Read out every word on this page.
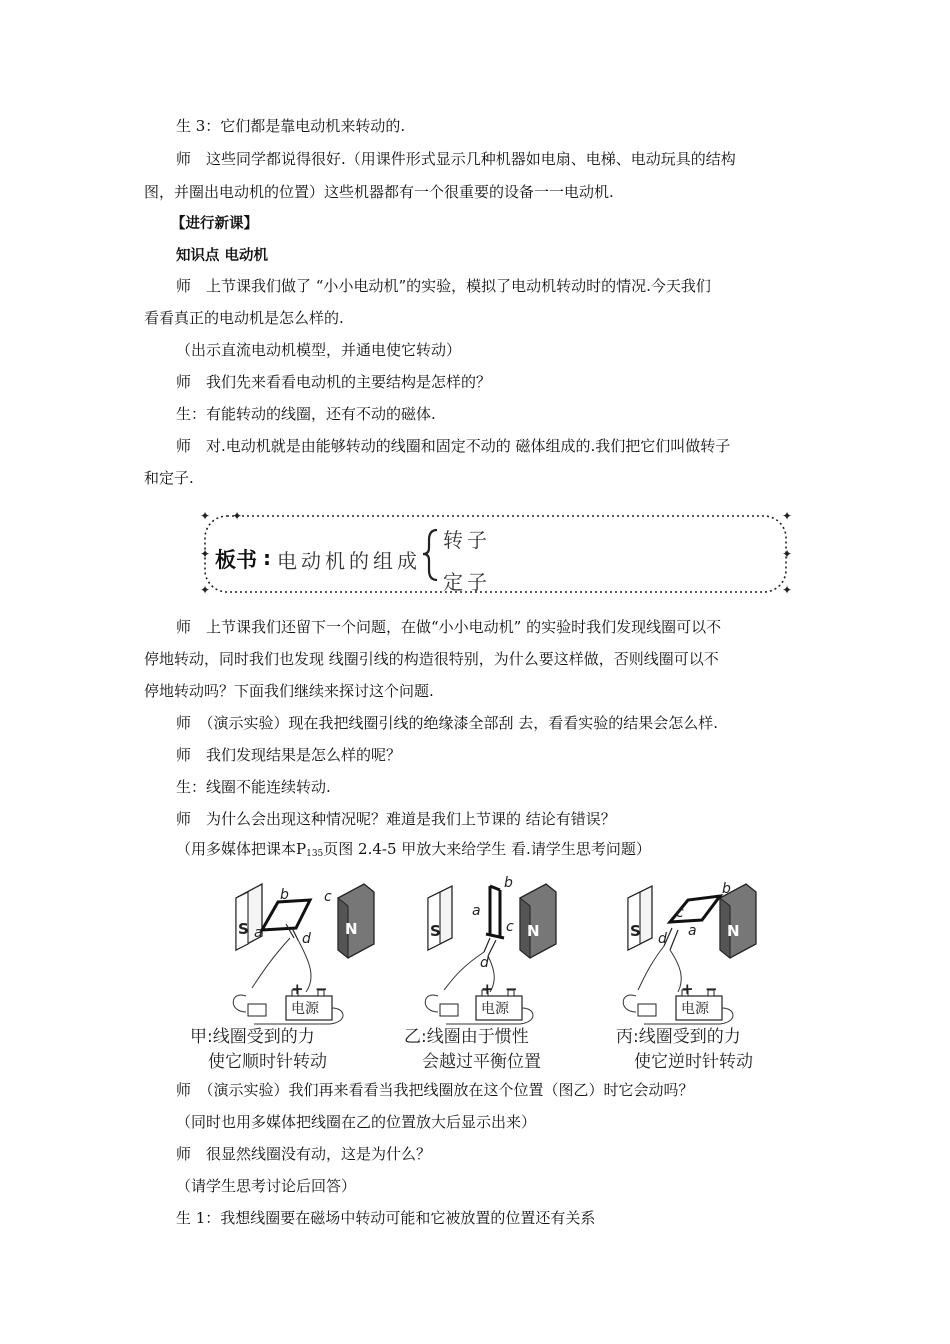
生 3：它们都是靠电动机来转动的.
师　这些同学都说得很好.（用课件形式显示几种机器如电扇、电梯、电动玩具的结构
图，并圈出电动机的位置）这些机器都有一个很重要的设备一一电动机.
【进行新课】
知识点 电动机
师　上节课我们做了 “小小电动机”的实验，模拟了电动机转动时的情况.今天我们
看看真正的电动机是怎么样的.
（出示直流电动机模型，并通电使它转动）
师　我们先来看看电动机的主要结构是怎样的？
生：有能转动的线圈，还有不动的磁体.
师　对.电动机就是由能够转动的线圈和固定不动的 磁体组成的.我们把它们叫做转子
和定子.
✦ ✦	✦
✦	✦
✦	✦
板书 : 电动机的组成
转子
定子
师　上节课我们还留下一个问题，在做“小小电动机” 的实验时我们发现线圈可以不
停地转动，同时我们也发现 线圈引线的构造很特别，为什么要这样做，否则线圈可以不
停地转动吗？下面我们继续来探讨这个问题.
师　（演示实验）现在我把线圈引线的绝缘漆全部刮 去，看看实验的结果会怎么样.
师　我们发现结果是怎么样的呢？
生：线圈不能连续转动.
师　为什么会出现这种情况呢？难道是我们上节课的 结论有错误？
（用多媒体把课本$P_{135}$页图 2.4-5 甲放大来给学生 看.请学生思考问题）
S	N
a
b	c
d
+ −
电源
S	N
a
b
c
d
+ −
电源
S	N
a
b
c
d
+ −
电源
甲:线圈受到的力
使它顺时针转动
乙:线圈由于惯性
会越过平衡位置
丙:线圈受到的力
使它逆时针转动
师　（演示实验）我们再来看看当我把线圈放在这个位置（图乙）时它会动吗？
（同时也用多媒体把线圈在乙的位置放大后显示出来）
师　很显然线圈没有动，这是为什么？
（请学生思考讨论后回答）
生 1：我想线圈要在磁场中转动可能和它被放置的位置还有关系
